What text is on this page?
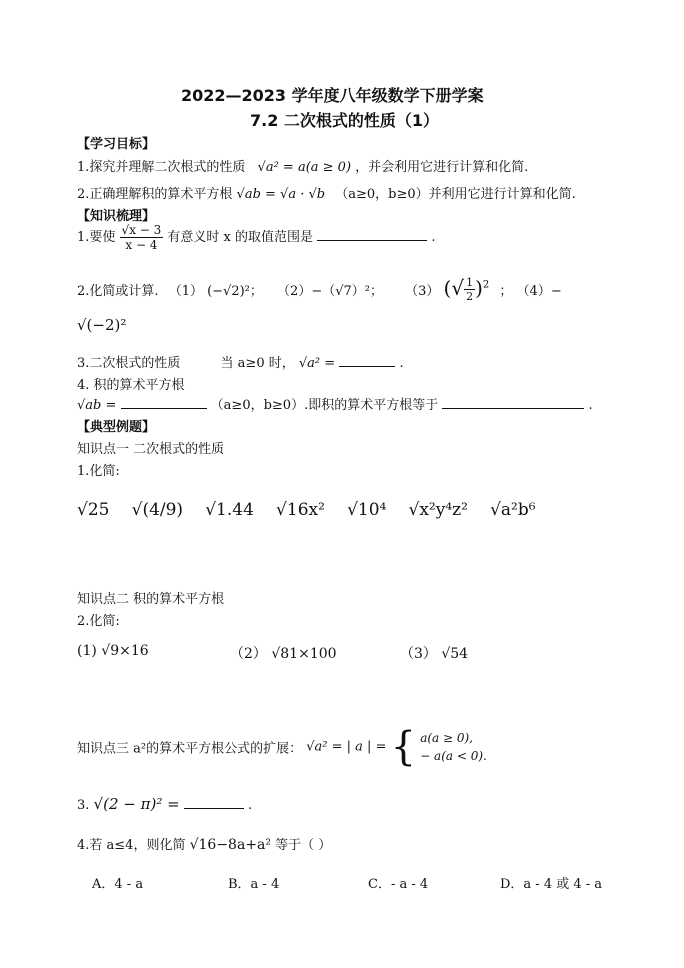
2022—2023 学年度八年级数学下册学案
7.2 二次根式的性质（1）
【学习目标】
1.探究并理解二次根式的性质 √a² = a(a ≥ 0) ，并会利用它进行计算和化简.
2.正确理解积的算术平方根 √ab = √a · √b （a≥0，b≥0）并利用它进行计算和化简.
【知识梳理】
1.要使 $\frac{√x - 3}{x - 4}$ 有意义时 x 的取值范围是	.
2.化简或计算. （1） (−√2)²； （2）−（√7）²； （3） (√ $\frac{1}{2} )^2$ ； （4）−
√(−2)²
3.二次根式的性质	当 a≥0 时， √a² =	.
4. 积的算术平方根
√ab =	（a≥0，b≥0）.即积的算术平方根等于	.
【典型例题】
知识点一 二次根式的性质
1.化简:
√25 √(4/9) √1.44 √16x² √10⁴ √x²y⁴z² √a²b⁶
知识点二 积的算术平方根
2.化简:
(1) √9×16	（2） √81×100	（3） √54
知识点三 a²的算术平方根公式的扩展： √a² = | a | = { a(a ≥ 0),
− a(a < 0).
3. √(2 − π)² =	.
4.若 a≤4，则化简 √16−8a+a² 等于（ ）
A．4 - a	B．a - 4	C．- a - 4	D．a - 4 或 4 - a
